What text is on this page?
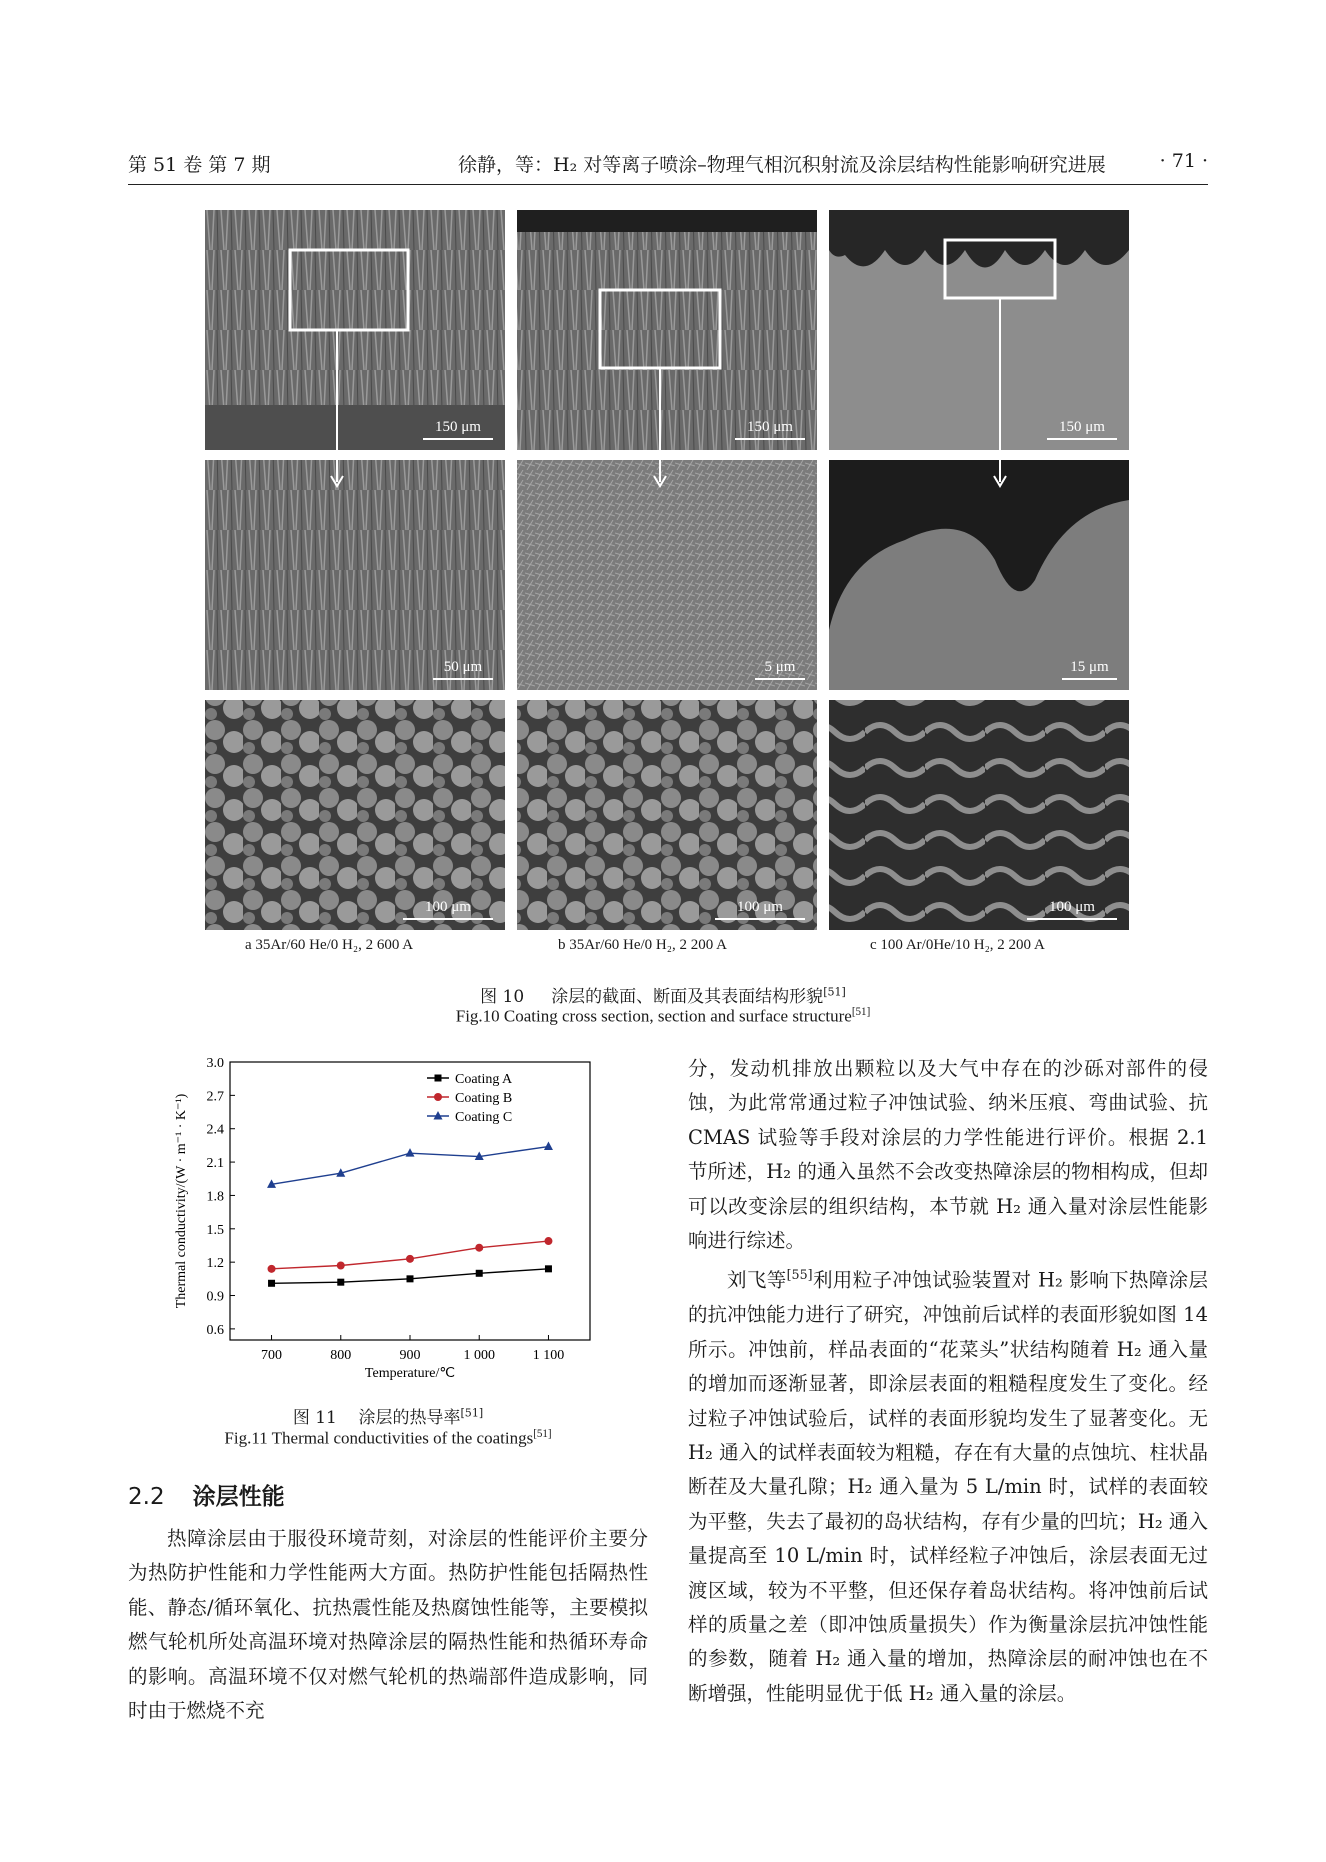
第 51 卷 第 7 期	徐静，等：H₂ 对等离子喷涂–物理气相沉积射流及涂层结构性能影响研究进展	· 71 ·
150 μm	150 μm	150 μm
50 μm	5 μm	15 μm
100 μm	100 μm	100 μm
a 35Ar/60 He/0 H₂, 2 600 A	b 35Ar/60 He/0 H₂, 2 200 A	c 100 Ar/0He/10 H₂, 2 200 A
图 10 涂层的截面、断面及其表面结构形貌[51]
Fig.10 Coating cross section, section and surface structure[51]
0.6
0.9
1.2
1.5
1.8
2.1
2.4
2.7
3.0
700	800	900	1 000	1 100
Temperature/℃
Thermal conductivity/(W · m⁻¹ · K⁻¹)
Coating A
Coating B
Coating C
图 11 涂层的热导率[51]
Fig.11 Thermal conductivities of the coatings[51]
2.2 涂层性能

热障涂层由于服役环境苛刻，对涂层的性能评价主要分为热防护性能和力学性能两大方面。热防护性能包括隔热性能、静态/循环氧化、抗热震性能及热腐蚀性能等，主要模拟燃气轮机所处高温环境对热障涂层的隔热性能和热循环寿命的影响。高温环境不仅对燃气轮机的热端部件造成影响，同时由于燃烧不充

分，发动机排放出颗粒以及大气中存在的沙砾对部件的侵蚀，为此常常通过粒子冲蚀试验、纳米压痕、弯曲试验、抗 CMAS 试验等手段对涂层的力学性能进行评价。根据 2.1 节所述，H₂ 的通入虽然不会改变热障涂层的物相构成，但却可以改变涂层的组织结构，本节就 H₂ 通入量对涂层性能影响进行综述。

刘飞等[55]利用粒子冲蚀试验装置对 H₂ 影响下热障涂层的抗冲蚀能力进行了研究，冲蚀前后试样的表面形貌如图 14 所示。冲蚀前，样品表面的“花菜头”状结构随着 H₂ 通入量的增加而逐渐显著，即涂层表面的粗糙程度发生了变化。经过粒子冲蚀试验后，试样的表面形貌均发生了显著变化。无 H₂ 通入的试样表面较为粗糙，存在有大量的点蚀坑、柱状晶断茬及大量孔隙；H₂ 通入量为 5 L/min 时，试样的表面较为平整，失去了最初的岛状结构，存有少量的凹坑；H₂ 通入量提高至 10 L/min 时，试样经粒子冲蚀后，涂层表面无过渡区域，较为不平整，但还保存着岛状结构。将冲蚀前后试样的质量之差（即冲蚀质量损失）作为衡量涂层抗冲蚀性能的参数，随着 H₂ 通入量的增加，热障涂层的耐冲蚀也在不断增强，性能明显优于低 H₂ 通入量的涂层。
